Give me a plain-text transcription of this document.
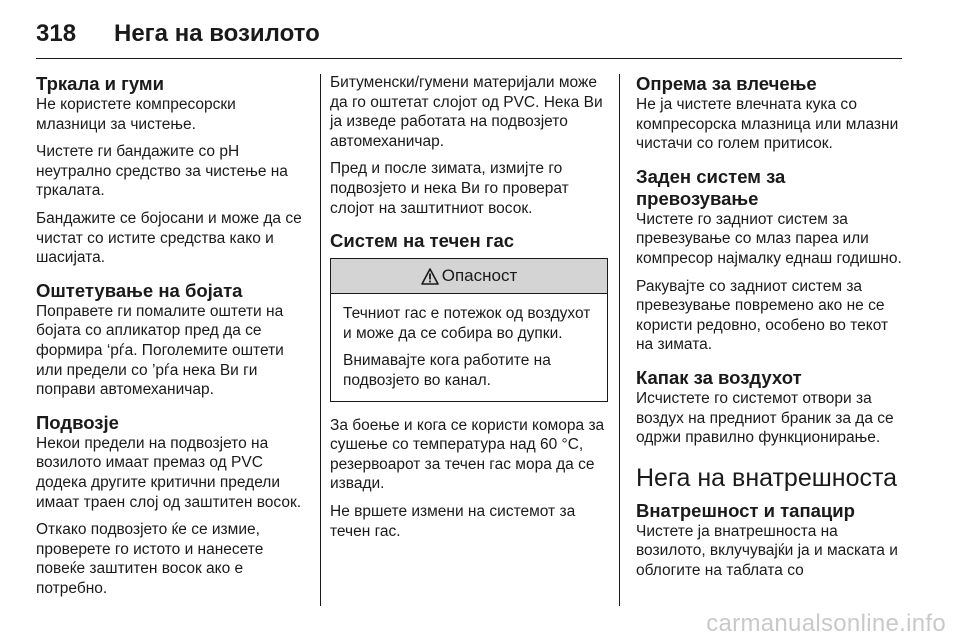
318 Нега на возилото
Тркала и гуми

Не користете компресорски млазници за чистење.

Чистете ги бандажите со pH неутрално средство за чистење на тркалата.

Бандажите се бојосани и може да се чистат со истите средства како и шасијата.

Оштетување на бојата

Поправете ги помалите оштети на бојата со апликатор пред да се формира ‘рѓа. Поголемите оштети или предели со ’рѓа нека Ви ги поправи автомеханичар.

Подвозје

Некои предели на подвозјето на возилото имаат премаз од PVC додека другите критични предели имаат траен слој од заштитен восок.

Откако подвозјето ќе се измие, проверете го истото и нанесете повеќе заштитен восок ако е потребно.

Битуменски/гумени материјали може да го оштетат слојот од PVC. Нека Ви ја изведе работата на подвозјето автомеханичар.

Пред и после зимата, измијте го подвозјето и нека Ви го проверат слојот на заштитниот восок.

Систем на течен гас
Опасност

Течниот гас е потежок од воздухот и може да се собира во дупки.

Внимавајте кога работите на подвозјето во канал.

За боење и кога се користи комора за сушење со температура над 60 °C, резервоарот за течен гас мора да се извади.

Не вршете измени на системот за течен гас.

Опрема за влечење

Не ја чистете влечната кука со компресорска млазница или млазни чистачи со голем притисок.

Заден систем за превозување

Чистете го задниот систем за превезување со млаз пареа или компресор најмалку еднаш годишно.

Ракувајте со задниот систем за превезување повремено ако не се користи редовно, особено во текот на зимата.

Капак за воздухот

Исчистете го системот отвори за воздух на предниот браник за да се одржи правилно функционирање.

Нега на внатрешноста
Внатрешност и тапацир

Чистете ја внатрешноста на возилото, вклучувајќи ја и маската и облогите на таблата со

carmanualsonline.info
